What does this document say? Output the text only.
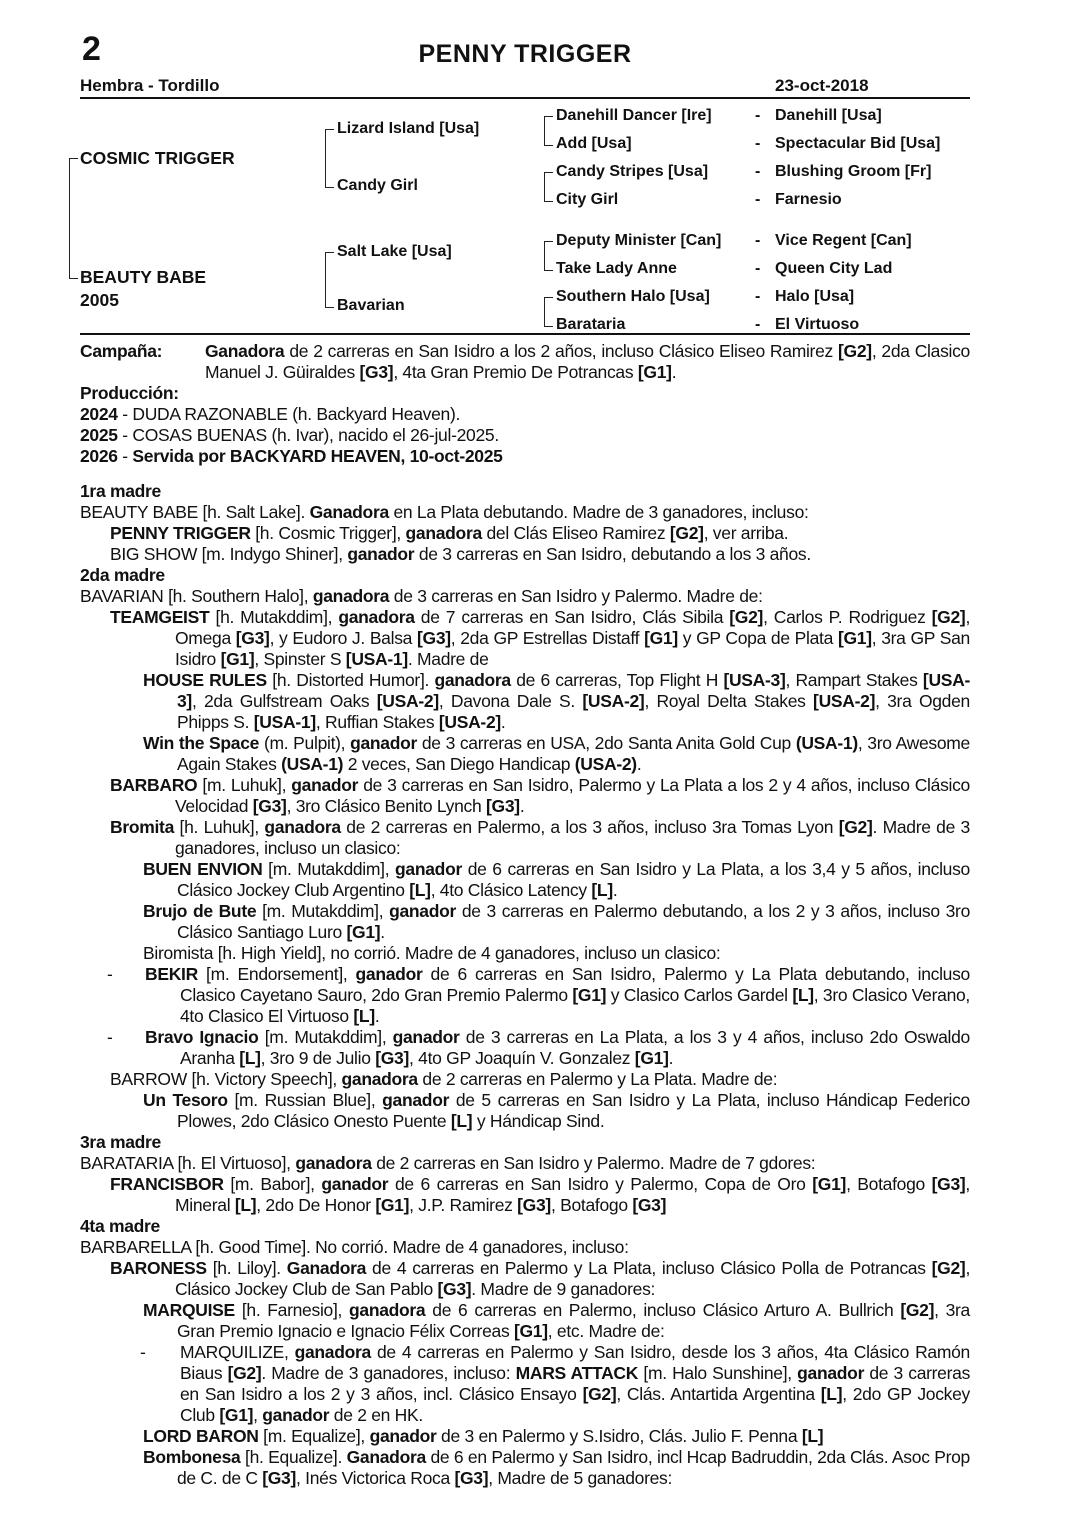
2	PENNY TRIGGER
Hembra - Tordillo	23-oct-2018
COSMIC TRIGGER
BEAUTY BABE
2005
Lizard Island [Usa]
Candy Girl
Salt Lake [Usa]
Bavarian
Danehill Dancer [Ire]
Add [Usa]
Candy Stripes [Usa]
City Girl
Deputy Minister [Can]
Take Lady Anne
Southern Halo [Usa]
Barataria
- Danehill [Usa]
- Spectacular Bid [Usa]
- Blushing Groom [Fr]
- Farnesio
- Vice Regent [Can]
- Queen City Lad
- Halo [Usa]
- El Virtuoso

Campaña: Ganadora de 2 carreras en San Isidro a los 2 años, incluso Clásico Eliseo Ramirez [G2], 2da Clasico Manuel J. Güiraldes [G3], 4ta Gran Premio De Potrancas [G1].

Producción:

2024 - DUDA RAZONABLE (h. Backyard Heaven).

2025 - COSAS BUENAS (h. Ivar), nacido el 26-jul-2025.

2026 - Servida por BACKYARD HEAVEN, 10-oct-2025

1ra madre

BEAUTY BABE [h. Salt Lake]. Ganadora en La Plata debutando. Madre de 3 ganadores, incluso:

PENNY TRIGGER [h. Cosmic Trigger], ganadora del Clás Eliseo Ramirez [G2], ver arriba.

BIG SHOW [m. Indygo Shiner], ganador de 3 carreras en San Isidro, debutando a los 3 años.

2da madre

BAVARIAN [h. Southern Halo], ganadora de 3 carreras en San Isidro y Palermo. Madre de:

TEAMGEIST [h. Mutakddim], ganadora de 7 carreras en San Isidro, Clás Sibila [G2], Carlos P. Rodriguez [G2], Omega [G3], y Eudoro J. Balsa [G3], 2da GP Estrellas Distaff [G1] y GP Copa de Plata [G1], 3ra GP San Isidro [G1], Spinster S [USA-1]. Madre de

HOUSE RULES [h. Distorted Humor]. ganadora de 6 carreras, Top Flight H [USA-3], Rampart Stakes [USA-3], 2da Gulfstream Oaks [USA-2], Davona Dale S. [USA-2], Royal Delta Stakes [USA-2], 3ra Ogden Phipps S. [USA-1], Ruffian Stakes [USA-2].

Win the Space (m. Pulpit), ganador de 3 carreras en USA, 2do Santa Anita Gold Cup (USA-1), 3ro Awesome Again Stakes (USA-1) 2 veces, San Diego Handicap (USA-2).

BARBARO [m. Luhuk], ganador de 3 carreras en San Isidro, Palermo y La Plata a los 2 y 4 años, incluso Clásico Velocidad [G3], 3ro Clásico Benito Lynch [G3].

Bromita [h. Luhuk], ganadora de 2 carreras en Palermo, a los 3 años, incluso 3ra Tomas Lyon [G2]. Madre de 3 ganadores, incluso un clasico:

BUEN ENVION [m. Mutakddim], ganador de 6 carreras en San Isidro y La Plata, a los 3,4 y 5 años, incluso Clásico Jockey Club Argentino [L], 4to Clásico Latency [L].

Brujo de Bute [m. Mutakddim], ganador de 3 carreras en Palermo debutando, a los 2 y 3 años, incluso 3ro Clásico Santiago Luro [G1].

Biromista [h. High Yield], no corrió. Madre de 4 ganadores, incluso un clasico:

- BEKIR [m. Endorsement], ganador de 6 carreras en San Isidro, Palermo y La Plata debutando, incluso Clasico Cayetano Sauro, 2do Gran Premio Palermo [G1] y Clasico Carlos Gardel [L], 3ro Clasico Verano, 4to Clasico El Virtuoso [L].

- Bravo Ignacio [m. Mutakddim], ganador de 3 carreras en La Plata, a los 3 y 4 años, incluso 2do Oswaldo Aranha [L], 3ro 9 de Julio [G3], 4to GP Joaquín V. Gonzalez [G1].

BARROW [h. Victory Speech], ganadora de 2 carreras en Palermo y La Plata. Madre de:

Un Tesoro [m. Russian Blue], ganador de 5 carreras en San Isidro y La Plata, incluso Hándicap Federico Plowes, 2do Clásico Onesto Puente [L] y Hándicap Sind.

3ra madre

BARATARIA [h. El Virtuoso], ganadora de 2 carreras en San Isidro y Palermo. Madre de 7 gdores:

FRANCISBOR [m. Babor], ganador de 6 carreras en San Isidro y Palermo, Copa de Oro [G1], Botafogo [G3], Mineral [L], 2do De Honor [G1], J.P. Ramirez [G3], Botafogo [G3]

4ta madre

BARBARELLA [h. Good Time]. No corrió. Madre de 4 ganadores, incluso:

BARONESS [h. Liloy]. Ganadora de 4 carreras en Palermo y La Plata, incluso Clásico Polla de Potrancas [G2], Clásico Jockey Club de San Pablo [G3]. Madre de 9 ganadores:

MARQUISE [h. Farnesio], ganadora de 6 carreras en Palermo, incluso Clásico Arturo A. Bullrich [G2], 3ra Gran Premio Ignacio e Ignacio Félix Correas [G1], etc. Madre de:

- MARQUILIZE, ganadora de 4 carreras en Palermo y San Isidro, desde los 3 años, 4ta Clásico Ramón Biaus [G2]. Madre de 3 ganadores, incluso: MARS ATTACK [m. Halo Sunshine], ganador de 3 carreras en San Isidro a los 2 y 3 años, incl. Clásico Ensayo [G2], Clás. Antartida Argentina [L], 2do GP Jockey Club [G1], ganador de 2 en HK.

LORD BARON [m. Equalize], ganador de 3 en Palermo y S.Isidro, Clás. Julio F. Penna [L]

Bombonesa [h. Equalize]. Ganadora de 6 en Palermo y San Isidro, incl Hcap Badruddin, 2da Clás. Asoc Prop de C. de C [G3], Inés Victorica Roca [G3], Madre de 5 ganadores:
